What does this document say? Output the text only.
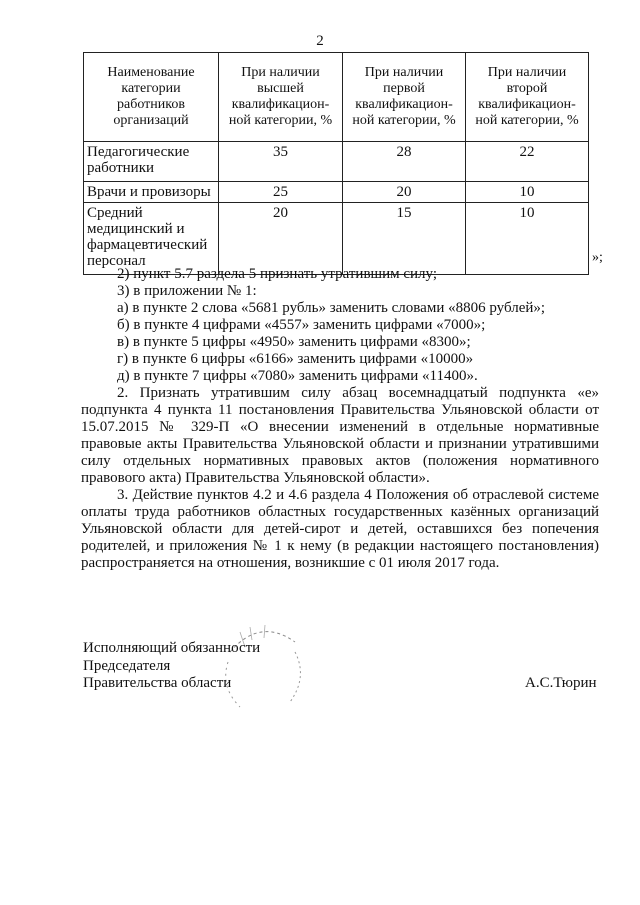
2
Наименование категории работников организаций	При наличии высшей квалификацион-ной категории, %	При наличии первой квалификацион-ной категории, %	При наличии второй квалификацион-ной категории, %
Педагогические работники	35	28	22
Врачи и провизоры	25	20	10
Средний медицинский и фармацевтический персонал	20	15	10
»;

2) пункт 5.7 раздела 5 признать утратившим силу;

3) в приложении № 1:

а) в пункте 2 слова «5681 рубль» заменить словами «8806 рублей»;

б) в пункте 4 цифрами «4557» заменить цифрами «7000»;

в) в пункте 5 цифры «4950» заменить цифрами «8300»;

г) в пункте 6 цифры «6166» заменить цифрами «10000»

д) в пункте 7 цифры «7080» заменить цифрами «11400».

2. Признать утратившим силу абзац восемнадцатый подпункта «е» подпункта 4 пункта 11 постановления Правительства Ульяновской области от 15.07.2015 № 329-П «О внесении изменений в отдельные нормативные правовые акты Правительства Ульяновской области и признании утратившими силу отдельных нормативных правовых актов (положения нормативного правового акта) Правительства Ульяновской области».

3. Действие пунктов 4.2 и 4.6 раздела 4 Положения об отраслевой системе оплаты труда работников областных государственных казённых организаций Ульяновской области для детей-сирот и детей, оставшихся без попечения родителей, и приложения № 1 к нему (в редакции настоящего постановления) распространяется на отношения, возникшие с 01 июля 2017 года.

Исполняющий обязанности

Председателя

Правительства области	А.С.Тюрин
